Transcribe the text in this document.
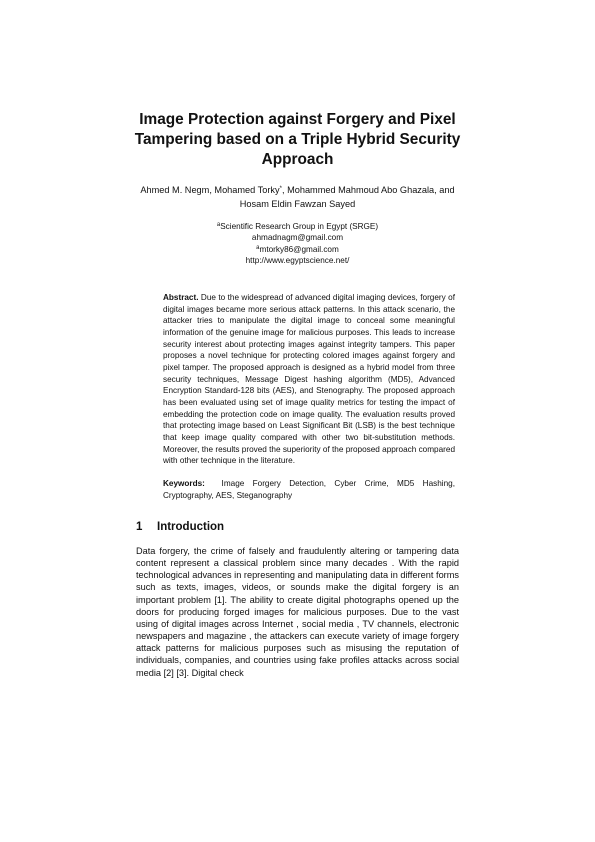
Image Protection against Forgery and Pixel Tampering based on a Triple Hybrid Security Approach
Ahmed M. Negm, Mohamed Torky*, Mohammed Mahmoud Abo Ghazala, and
Hosam Eldin Fawzan Sayed
$^a$Scientific Research Group in Egypt (SRGE)
ahmadnagm@gmail.com
$^a$mtorky86@gmail.com
http://www.egyptscience.net/

Abstract. Due to the widespread of advanced digital imaging devices, forgery of digital images became more serious attack patterns. In this attack scenario, the attacker tries to manipulate the digital image to conceal some meaningful information of the genuine image for malicious purposes. This leads to increase security interest about protecting images against integrity tampers. This paper proposes a novel technique for protecting colored images against forgery and pixel tamper. The proposed approach is designed as a hybrid model from three security techniques, Message Digest hashing algorithm (MD5), Advanced Encryption Standard-128 bits (AES), and Stenography. The proposed approach has been evaluated using set of image quality metrics for testing the impact of embedding the protection code on image quality. The evaluation results proved that protecting image based on Least Significant Bit (LSB) is the best technique that keep image quality compared with other two bit-substitution methods. Moreover, the results proved the superiority of the proposed approach compared with other technique in the literature.

Keywords: Image Forgery Detection, Cyber Crime, MD5 Hashing, Cryptography, AES, Steganography

1 Introduction

Data forgery, the crime of falsely and fraudulently altering or tampering data content represent a classical problem since many decades . With the rapid technological advances in representing and manipulating data in different forms such as texts, images, videos, or sounds make the digital forgery is an important problem [1]. The ability to create digital photographs opened up the doors for producing forged images for malicious purposes. Due to the vast using of digital images across Internet , social media , TV channels, electronic newspapers and magazine , the attackers can execute variety of image forgery attack patterns for malicious purposes such as misusing the reputation of individuals, companies, and countries using fake profiles attacks across social media [2] [3]. Digital check
